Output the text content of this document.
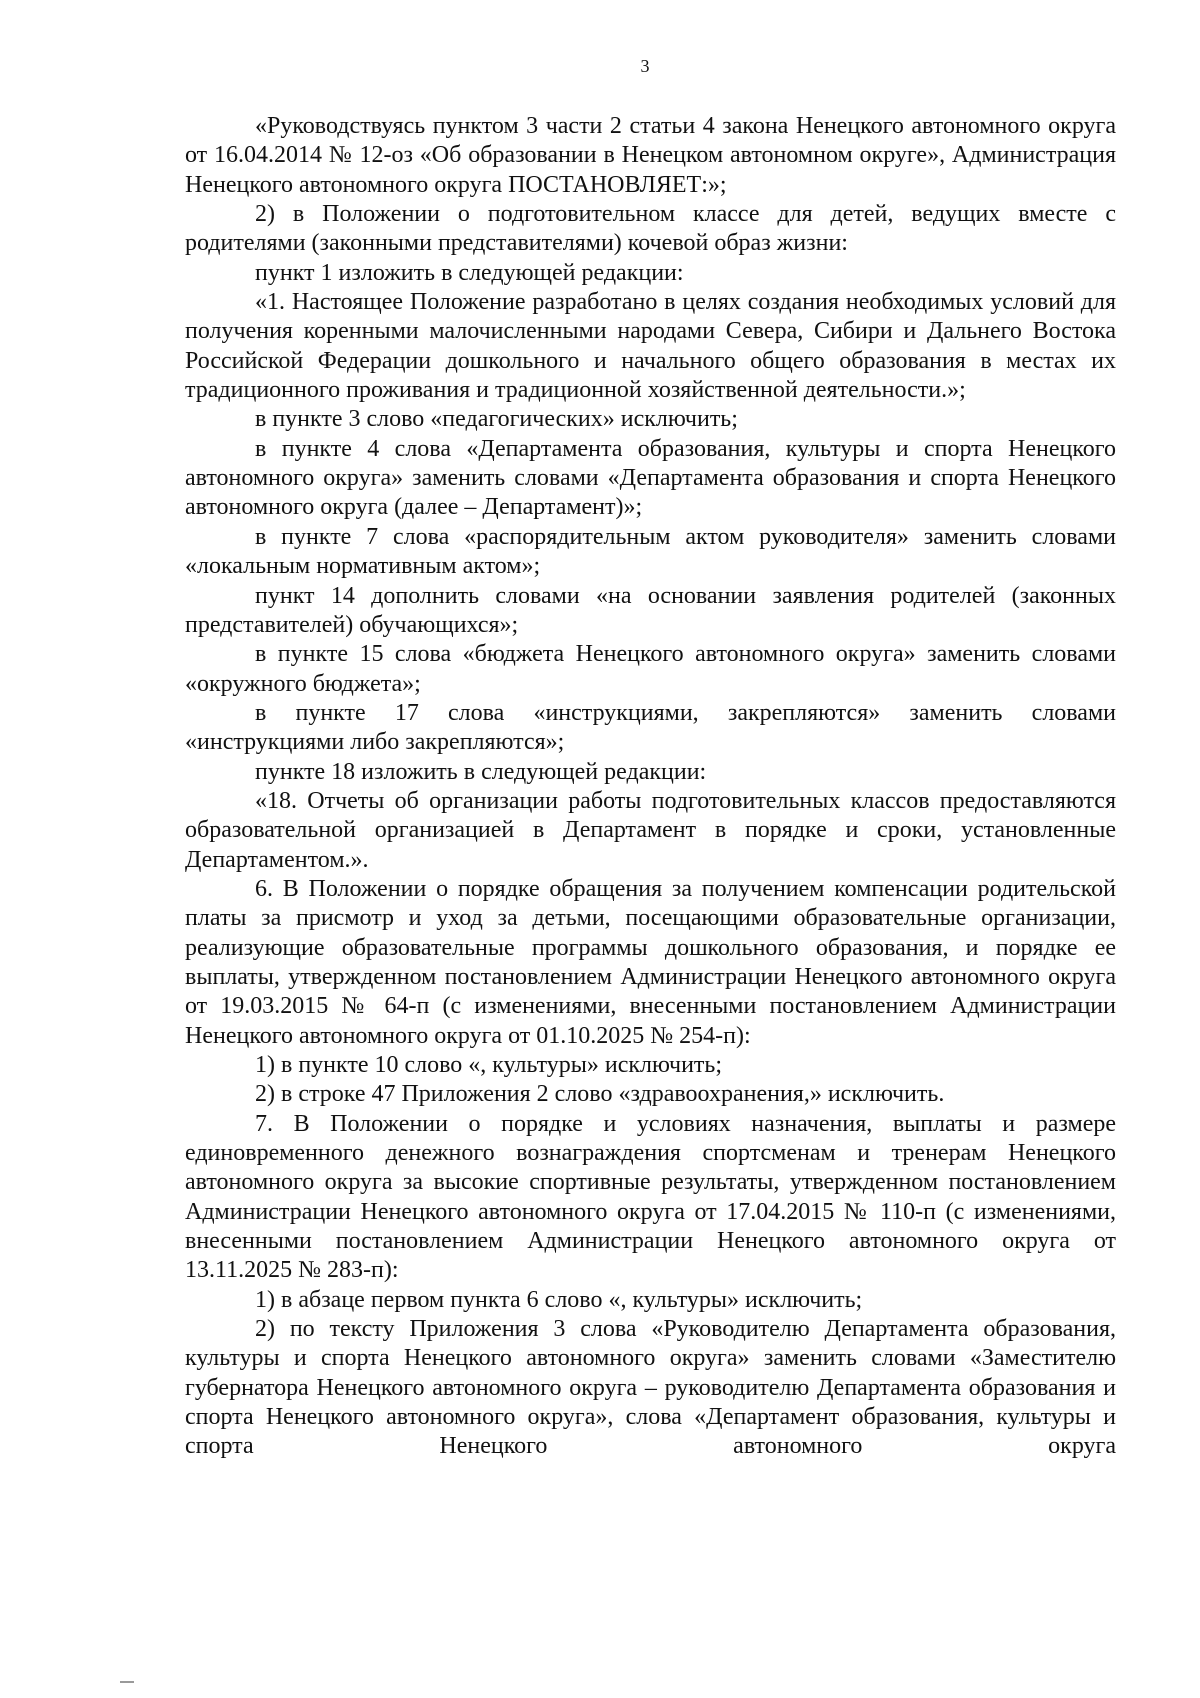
3

«Руководствуясь пунктом 3 части 2 статьи 4 закона Ненецкого автономного округа от 16.04.2014 № 12-оз «Об образовании в Ненецком автономном округе», Администрация Ненецкого автономного округа ПОСТАНОВЛЯЕТ:»;

2) в Положении о подготовительном классе для детей, ведущих вместе с родителями (законными представителями) кочевой образ жизни:

пункт 1 изложить в следующей редакции:

«1. Настоящее Положение разработано в целях создания необходимых условий для получения коренными малочисленными народами Севера, Сибири и Дальнего Востока Российской Федерации дошкольного и начального общего образования в местах их традиционного проживания и традиционной хозяйственной деятельности.»;

в пункте 3 слово «педагогических» исключить;

в пункте 4 слова «Департамента образования, культуры и спорта Ненецкого автономного округа» заменить словами «Департамента образования и спорта Ненецкого автономного округа (далее – Департамент)»;

в пункте 7 слова «распорядительным актом руководителя» заменить словами «локальным нормативным актом»;

пункт 14 дополнить словами «на основании заявления родителей (законных представителей) обучающихся»;

в пункте 15 слова «бюджета Ненецкого автономного округа» заменить словами «окружного бюджета»;

в пункте 17 слова «инструкциями, закрепляются» заменить словами «инструкциями либо закрепляются»;

пункте 18 изложить в следующей редакции:

«18. Отчеты об организации работы подготовительных классов предоставляются образовательной организацией в Департамент в порядке и сроки, установленные Департаментом.».

6. В Положении о порядке обращения за получением компенсации родительской платы за присмотр и уход за детьми, посещающими образовательные организации, реализующие образовательные программы дошкольного образования, и порядке ее выплаты, утвержденном постановлением Администрации Ненецкого автономного округа от 19.03.2015 № 64-п (с изменениями, внесенными постановлением Администрации Ненецкого автономного округа от 01.10.2025 № 254-п):

1) в пункте 10 слово «, культуры» исключить;

2) в строке 47 Приложения 2 слово «здравоохранения,» исключить.

7. В Положении о порядке и условиях назначения, выплаты и размере единовременного денежного вознаграждения спортсменам и тренерам Ненецкого автономного округа за высокие спортивные результаты, утвержденном постановлением Администрации Ненецкого автономного округа от 17.04.2015 № 110-п (с изменениями, внесенными постановлением Администрации Ненецкого автономного округа от 13.11.2025 № 283-п):

1) в абзаце первом пункта 6 слово «, культуры» исключить;

2) по тексту Приложения 3 слова «Руководителю Департамента образования, культуры и спорта Ненецкого автономного округа» заменить словами «Заместителю губернатора Ненецкого автономного округа – руководителю Департамента образования и спорта Ненецкого автономного округа», слова «Департамент образования, культуры и спорта Ненецкого автономного округа
